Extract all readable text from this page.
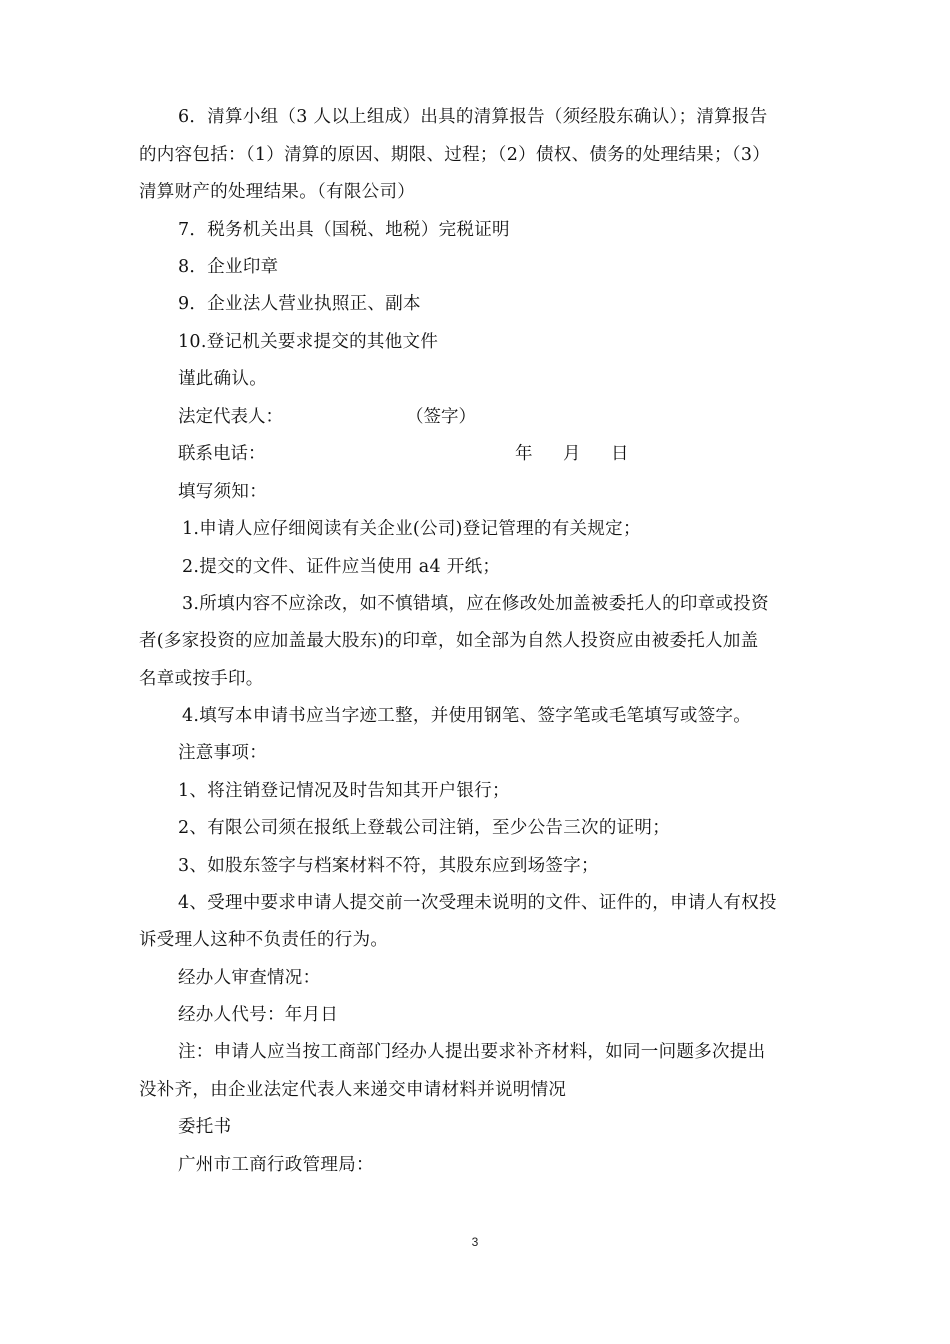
6．清算小组（3 人以上组成）出具的清算报告（须经股东确认）；清算报告
的内容包括：（1）清算的原因、期限、过程；（2）债权、债务的处理结果；（3）
清算财产的处理结果。（有限公司）
7．税务机关出具（国税、地税）完税证明
8．企业印章
9．企业法人营业执照正、副本
10.登记机关要求提交的其他文件
谨此确认。
法定代表人：	（签字）
联系电话：	年 月 日
填写须知：
1.申请人应仔细阅读有关企业(公司)登记管理的有关规定；
2.提交的文件、证件应当使用 a4 开纸；
3.所填内容不应涂改，如不慎错填，应在修改处加盖被委托人的印章或投资
者(多家投资的应加盖最大股东)的印章，如全部为自然人投资应由被委托人加盖
名章或按手印。
4.填写本申请书应当字迹工整，并使用钢笔、签字笔或毛笔填写或签字。
注意事项：
1、将注销登记情况及时告知其开户银行；
2、有限公司须在报纸上登载公司注销，至少公告三次的证明；
3、如股东签字与档案材料不符，其股东应到场签字；
4、受理中要求申请人提交前一次受理未说明的文件、证件的，申请人有权投
诉受理人这种不负责任的行为。
经办人审查情况：
经办人代号：年月日
注：申请人应当按工商部门经办人提出要求补齐材料，如同一问题多次提出
没补齐，由企业法定代表人来递交申请材料并说明情况
委托书
广州市工商行政管理局：
3
